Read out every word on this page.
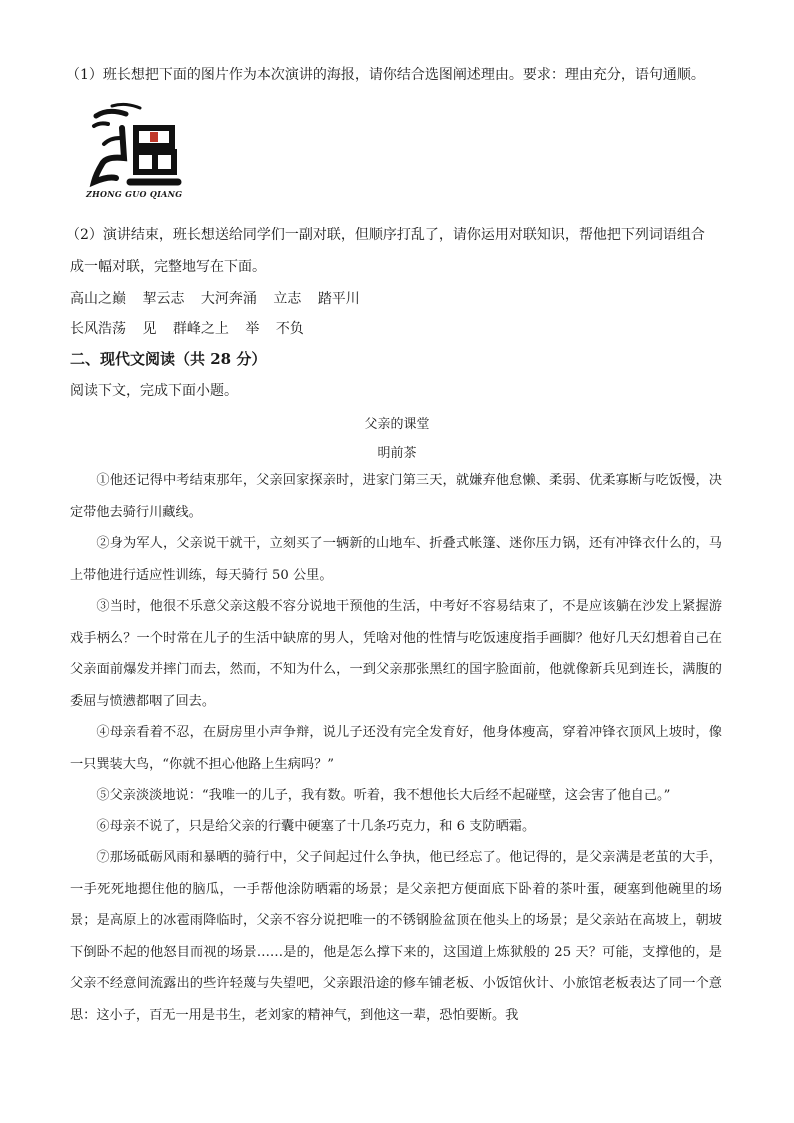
（1）班长想把下面的图片作为本次演讲的海报，请你结合选图阐述理由。要求：理由充分，语句通顺。
ZHONG GUO QIANG
（2）演讲结束，班长想送给同学们一副对联，但顺序打乱了，请你运用对联知识，帮他把下列词语组合
成一幅对联，完整地写在下面。
高山之巅 挈云志 大河奔涌 立志 踏平川
长风浩荡 见 群峰之上 举 不负
二、现代文阅读（共 28 分）
阅读下文，完成下面小题。
父亲的课堂
明前茶
①他还记得中考结束那年，父亲回家探亲时，进家门第三天，就嫌弃他怠懒、柔弱、优柔寡断与吃饭慢，决定带他去骑行川藏线。
②身为军人，父亲说干就干，立刻买了一辆新的山地车、折叠式帐篷、迷你压力锅，还有冲锋衣什么的，马上带他进行适应性训练，每天骑行 50 公里。
③当时，他很不乐意父亲这般不容分说地干预他的生活，中考好不容易结束了，不是应该躺在沙发上紧握游戏手柄么？一个时常在儿子的生活中缺席的男人，凭啥对他的性情与吃饭速度指手画脚？他好几天幻想着自己在父亲面前爆发并摔门而去，然而，不知为什么，一到父亲那张黑红的国字脸面前，他就像新兵见到连长，满腹的委屈与愤懑都咽了回去。
④母亲看着不忍，在厨房里小声争辩，说儿子还没有完全发育好，他身体瘦高，穿着冲锋衣顶风上坡时，像一只巽装大鸟，“你就不担心他路上生病吗？”
⑤父亲淡淡地说：“我唯一的儿子，我有数。听着，我不想他长大后经不起碰壁，这会害了他自己。”
⑥母亲不说了，只是给父亲的行囊中硬塞了十几条巧克力，和 6 支防晒霜。
⑦那场砥砺风雨和暴晒的骑行中，父子间起过什么争执，他已经忘了。他记得的，是父亲满是老茧的大手，一手死死地摁住他的脑瓜，一手帮他涂防晒霜的场景；是父亲把方便面底下卧着的茶叶蛋，硬塞到他碗里的场景；是高原上的冰雹雨降临时，父亲不容分说把唯一的不锈钢脸盆顶在他头上的场景；是父亲站在高坡上，朝坡下倒卧不起的他怒目而视的场景……是的，他是怎么撑下来的，这国道上炼狱般的 25 天？可能，支撑他的，是父亲不经意间流露出的些许轻蔑与失望吧，父亲跟沿途的修车铺老板、小饭馆伙计、小旅馆老板表达了同一个意思：这小子，百无一用是书生，老刘家的精神气，到他这一辈，恐怕要断。我
